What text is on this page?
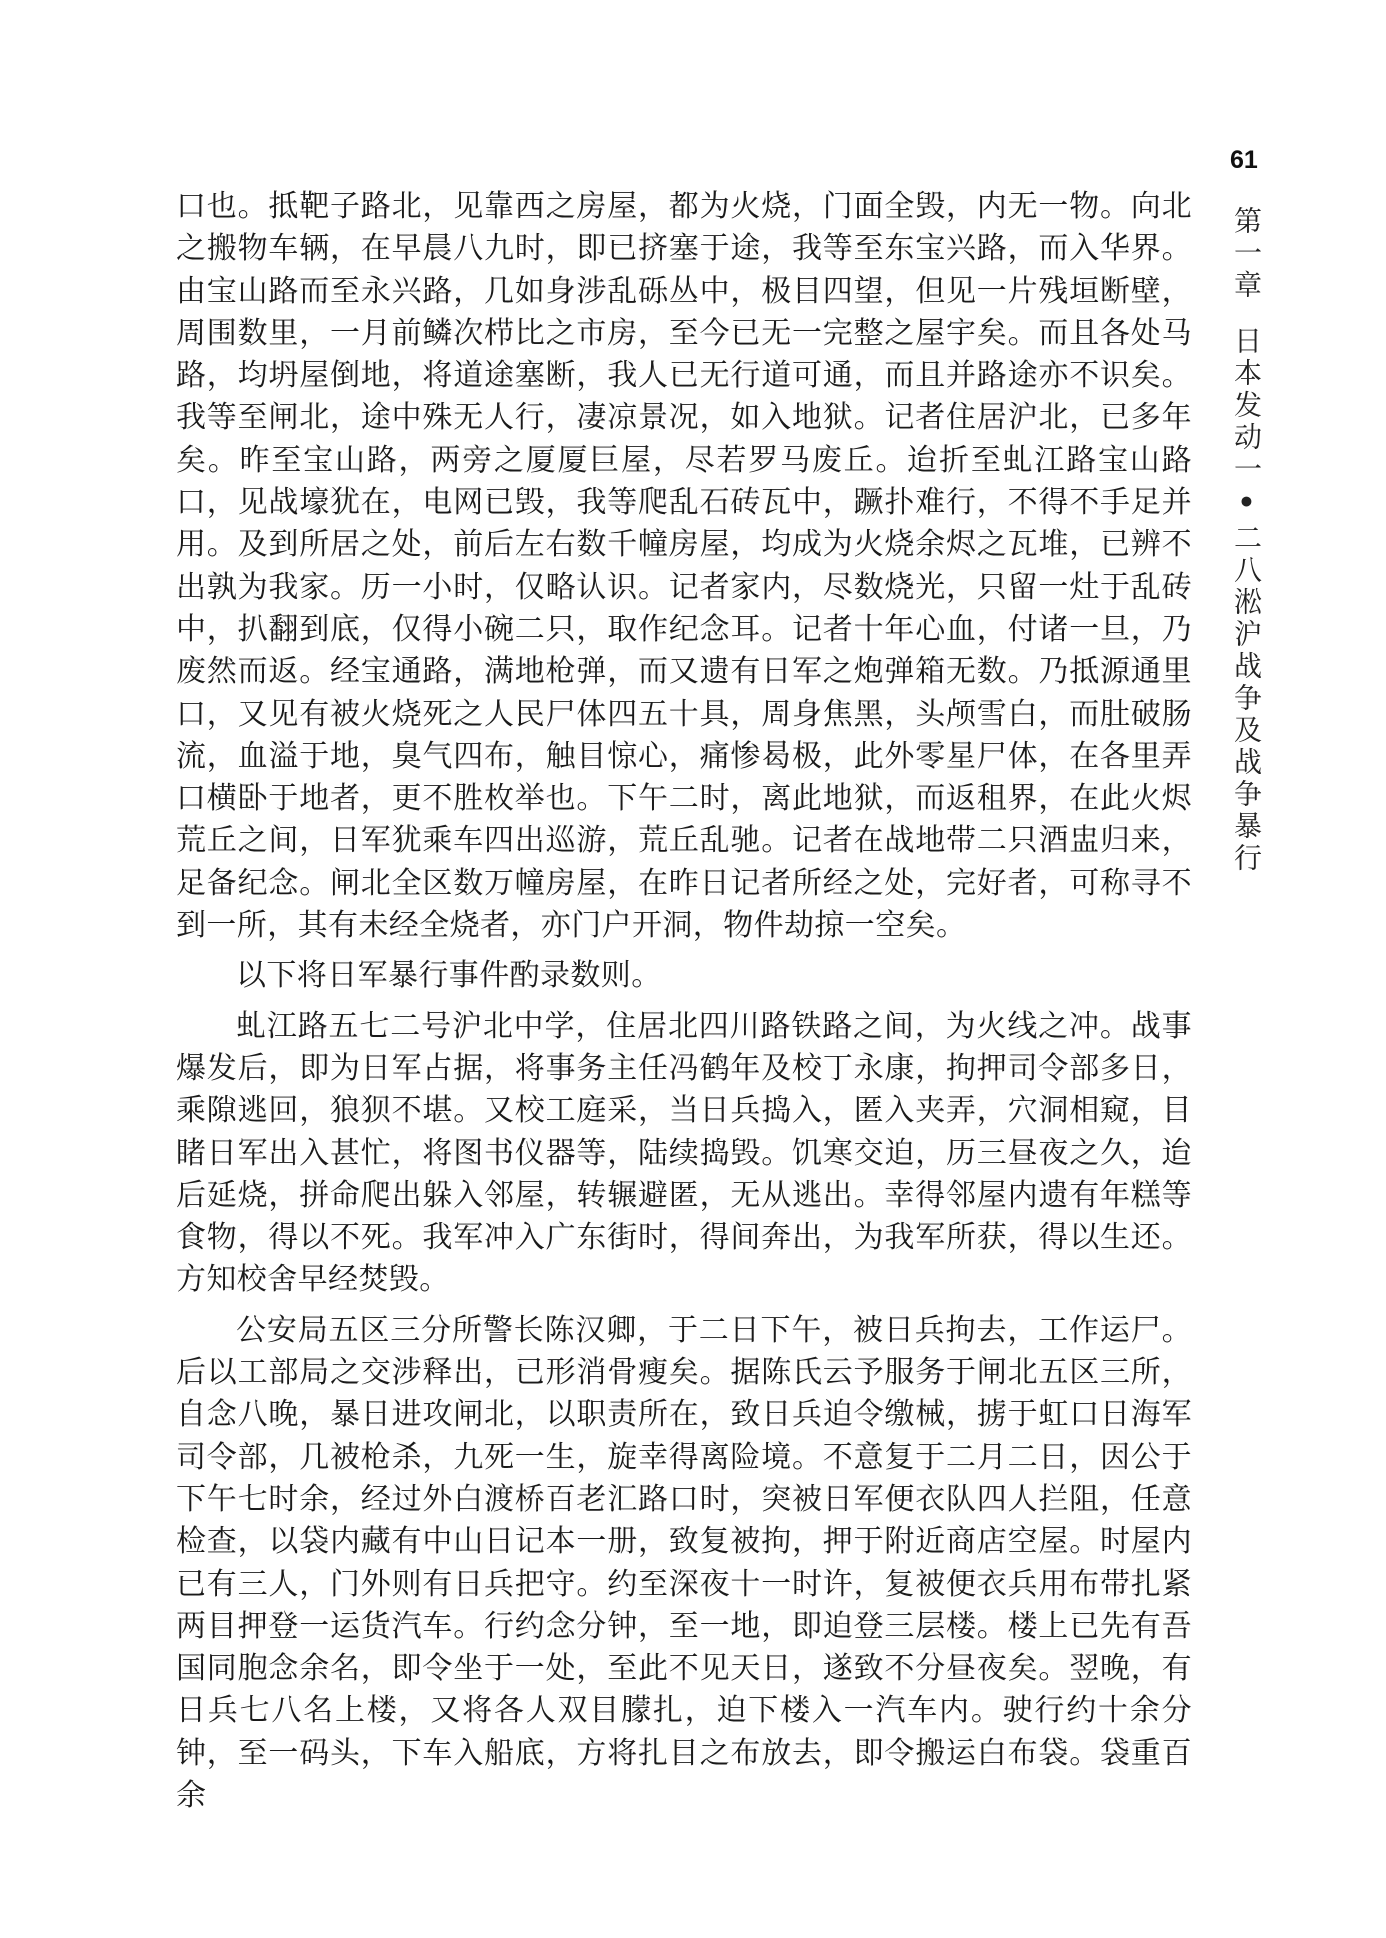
61
第一章日本发动一•二八淞沪战争及战争暴行

口也。抵靶子路北，见靠西之房屋，都为火烧，门面全毁，内无一物。向北之搬物车辆，在早晨八九时，即已挤塞于途，我等至东宝兴路，而入华界。由宝山路而至永兴路，几如身涉乱砾丛中，极目四望，但见一片残垣断壁，周围数里，一月前鳞次栉比之市房，至今已无一完整之屋宇矣。而且各处马路，均坍屋倒地，将道途塞断，我人已无行道可通，而且并路途亦不识矣。我等至闸北，途中殊无人行，凄凉景况，如入地狱。记者住居沪北，已多年矣。昨至宝山路，两旁之厦厦巨屋，尽若罗马废丘。迨折至虬江路宝山路口，见战壕犹在，电网已毁，我等爬乱石砖瓦中，蹶扑难行，不得不手足并用。及到所居之处，前后左右数千幢房屋，均成为火烧余烬之瓦堆，已辨不出孰为我家。历一小时，仅略认识。记者家内，尽数烧光，只留一灶于乱砖中，扒翻到底，仅得小碗二只，取作纪念耳。记者十年心血，付诸一旦，乃废然而返。经宝通路，满地枪弹，而又遗有日军之炮弹箱无数。乃抵源通里口，又见有被火烧死之人民尸体四五十具，周身焦黑，头颅雪白，而肚破肠流，血溢于地，臭气四布，触目惊心，痛惨曷极，此外零星尸体，在各里弄口横卧于地者，更不胜枚举也。下午二时，离此地狱，而返租界，在此火烬荒丘之间，日军犹乘车四出巡游，荒丘乱驰。记者在战地带二只酒盅归来，足备纪念。闸北全区数万幢房屋，在昨日记者所经之处，完好者，可称寻不到一所，其有未经全烧者，亦门户开洞，物件劫掠一空矣。

以下将日军暴行事件酌录数则。

虬江路五七二号沪北中学，住居北四川路铁路之间，为火线之冲。战事爆发后，即为日军占据，将事务主任冯鹤年及校丁永康，拘押司令部多日，乘隙逃回，狼狈不堪。又校工庭采，当日兵捣入，匿入夹弄，穴洞相窥，目睹日军出入甚忙，将图书仪器等，陆续捣毁。饥寒交迫，历三昼夜之久，迨后延烧，拼命爬出躲入邻屋，转辗避匿，无从逃出。幸得邻屋内遗有年糕等食物，得以不死。我军冲入广东街时，得间奔出，为我军所获，得以生还。方知校舍早经焚毁。

公安局五区三分所警长陈汉卿，于二日下午，被日兵拘去，工作运尸。后以工部局之交涉释出，已形消骨瘦矣。据陈氏云予服务于闸北五区三所，自念八晚，暴日进攻闸北，以职责所在，致日兵迫令缴械，掳于虹口日海军司令部，几被枪杀，九死一生，旋幸得离险境。不意复于二月二日，因公于下午七时余，经过外白渡桥百老汇路口时，突被日军便衣队四人拦阻，任意检查，以袋内藏有中山日记本一册，致复被拘，押于附近商店空屋。时屋内已有三人，门外则有日兵把守。约至深夜十一时许，复被便衣兵用布带扎紧两目押登一运货汽车。行约念分钟，至一地，即迫登三层楼。楼上已先有吾国同胞念余名，即令坐于一处，至此不见天日，遂致不分昼夜矣。翌晚，有日兵七八名上楼，又将各人双目朦扎，迫下楼入一汽车内。驶行约十余分钟，至一码头，下车入船底，方将扎目之布放去，即令搬运白布袋。袋重百余
